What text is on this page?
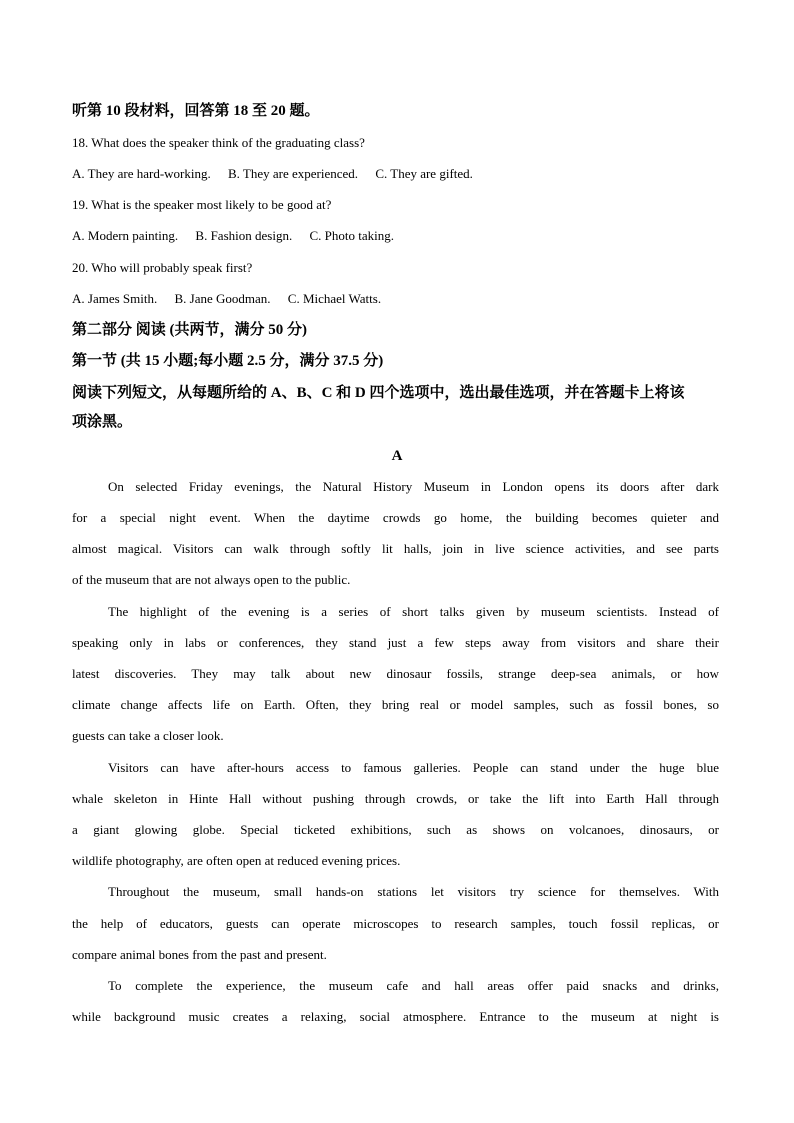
听第 10 段材料，回答第 18 至 20 题。
18. What does the speaker think of the graduating class?
A. They are hard-working. B. They are experienced. C. They are gifted.
19. What is the speaker most likely to be good at?
A. Modern painting. B. Fashion design. C. Photo taking.
20. Who will probably speak first?
A. James Smith. B. Jane Goodman. C. Michael Watts.
第二部分 阅读 (共两节，满分 50 分)
第一节 (共 15 小题;每小题 2.5 分，满分 37.5 分)
阅读下列短文，从每题所给的 A、B、C 和 D 四个选项中，选出最佳选项，并在答题卡上将该
项涂黑。
A
On selected Friday evenings, the Natural History Museum in London opens its doors after dark
for a special night event. When the daytime crowds go home, the building becomes quieter and
almost magical. Visitors can walk through softly lit halls, join in live science activities, and see parts
of the museum that are not always open to the public.
The highlight of the evening is a series of short talks given by museum scientists. Instead of
speaking only in labs or conferences, they stand just a few steps away from visitors and share their
latest discoveries. They may talk about new dinosaur fossils, strange deep-sea animals, or how
climate change affects life on Earth. Often, they bring real or model samples, such as fossil bones, so
guests can take a closer look.
Visitors can have after-hours access to famous galleries. People can stand under the huge blue
whale skeleton in Hinte Hall without pushing through crowds, or take the lift into Earth Hall through
a giant glowing globe. Special ticketed exhibitions, such as shows on volcanoes, dinosaurs, or
wildlife photography, are often open at reduced evening prices.
Throughout the museum, small hands-on stations let visitors try science for themselves. With
the help of educators, guests can operate microscopes to research samples, touch fossil replicas, or
compare animal bones from the past and present.
To complete the experience, the museum cafe and hall areas offer paid snacks and drinks,
while background music creates a relaxing, social atmosphere. Entrance to the museum at night is
